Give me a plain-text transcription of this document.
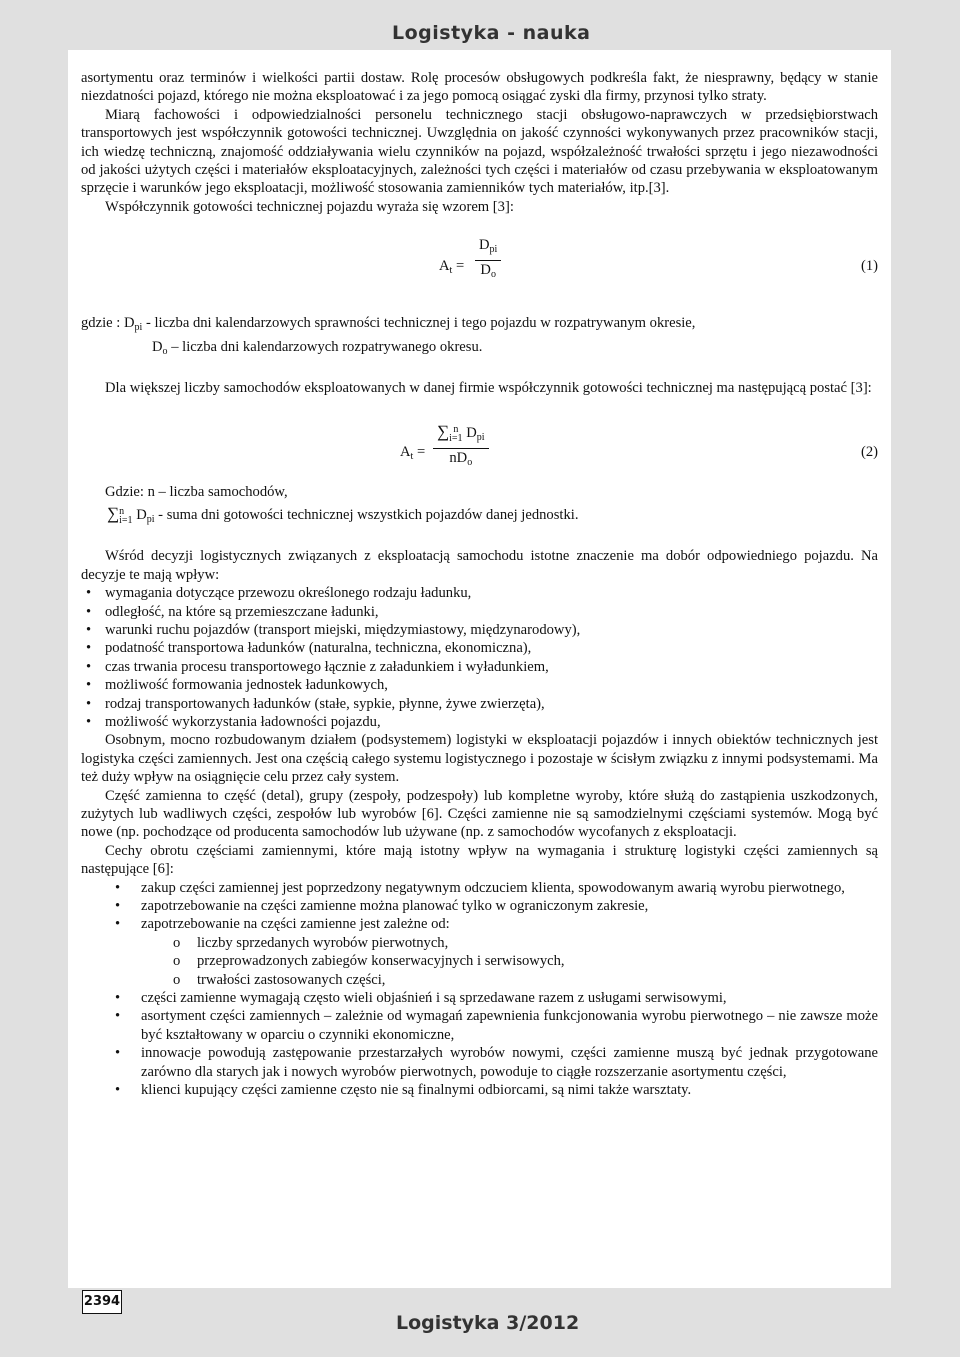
Logistyka - nauka

asortymentu oraz terminów i wielkości partii dostaw. Rolę procesów obsługowych podkreśla fakt, że niesprawny, będący w stanie niezdatności pojazd, którego nie można eksploatować i za jego pomocą osiągać zyski dla firmy, przynosi tylko straty.

Miarą fachowości i odpowiedzialności personelu technicznego stacji obsługowo-naprawczych w przedsiębiorstwach transportowych jest współczynnik gotowości technicznej. Uwzględnia on jakość czynności wykonywanych przez pracowników stacji, ich wiedzę techniczną, znajomość oddziaływania wielu czynników na pojazd, współzależność trwałości sprzętu i jego niezawodności od jakości użytych części i materiałów eksploatacyjnych, zależności tych części i materiałów od czasu przebywania w eksploatowanym sprzęcie i warunków jego eksploatacji, możliwość stosowania zamienników tych materiałów, itp.[3].

Współczynnik gotowości technicznej pojazdu wyraża się wzorem [3]:

$A_t$ =
$D_{pi}$
$D_o$	(1)

gdzie : $D_{pi}$ - liczba dni kalendarzowych sprawności technicznej i tego pojazdu w rozpatrywanym okresie,

$D_o$ – liczba dni kalendarzowych rozpatrywanego okresu.

Dla większej liczby samochodów eksploatowanych w danej firmie współczynnik gotowości technicznej ma następującą postać [3]:

$A_t$ =
∑ n
i=1 $D_{pi}$
$nD_o$
(2)

Gdzie: n – liczba samochodów,

∑n
i=1 $D_{pi}$ - suma dni gotowości technicznej wszystkich pojazdów danej jednostki.

Wśród decyzji logistycznych związanych z eksploatacją samochodu istotne znaczenie ma dobór odpowiedniego pojazdu. Na decyzje te mają wpływ:

• wymagania dotyczące przewozu określonego rodzaju ładunku,
• odległość, na które są przemieszczane ładunki,
• warunki ruchu pojazdów (transport miejski, międzymiastowy, międzynarodowy),
• podatność transportowa ładunków (naturalna, techniczna, ekonomiczna),
• czas trwania procesu transportowego łącznie z załadunkiem i wyładunkiem,
• możliwość formowania jednostek ładunkowych,
• rodzaj transportowanych ładunków (stałe, sypkie, płynne, żywe zwierzęta),
• możliwość wykorzystania ładowności pojazdu,

Osobnym, mocno rozbudowanym działem (podsystemem) logistyki w eksploatacji pojazdów i innych obiektów technicznych jest logistyka części zamiennych. Jest ona częścią całego systemu logistycznego i pozostaje w ścisłym związku z innymi podsystemami. Ma też duży wpływ na osiągnięcie celu przez cały system.

Część zamienna to część (detal), grupy (zespoły, podzespoły) lub kompletne wyroby, które służą do zastąpienia uszkodzonych, zużytych lub wadliwych części, zespołów lub wyrobów [6]. Części zamienne nie są samodzielnymi częściami systemów. Mogą być nowe (np. pochodzące od producenta samochodów lub używane (np. z samochodów wycofanych z eksploatacji.

Cechy obrotu częściami zamiennymi, które mają istotny wpływ na wymagania i strukturę logistyki części zamiennych są następujące [6]:

• zakup części zamiennej jest poprzedzony negatywnym odczuciem klienta, spowodowanym awarią wyrobu pierwotnego,
• zapotrzebowanie na części zamienne można planować tylko w ograniczonym zakresie,
• zapotrzebowanie na części zamienne jest zależne od:
o liczby sprzedanych wyrobów pierwotnych,
o przeprowadzonych zabiegów konserwacyjnych i serwisowych,
o trwałości zastosowanych części,
• części zamienne wymagają często wieli objaśnień i są sprzedawane razem z usługami serwisowymi,
• asortyment części zamiennych – zależnie od wymagań zapewnienia funkcjonowania wyrobu pierwotnego – nie zawsze może być kształtowany w oparciu o czynniki ekonomiczne,
• innowacje powodują zastępowanie przestarzałych wyrobów nowymi, części zamienne muszą być jednak przygotowane zarówno dla starych jak i nowych wyrobów pierwotnych, powoduje to ciągłe rozszerzanie asortymentu części,
• klienci kupujący części zamienne często nie są finalnymi odbiorcami, są nimi także warsztaty.
2394
Logistyka 3/2012
